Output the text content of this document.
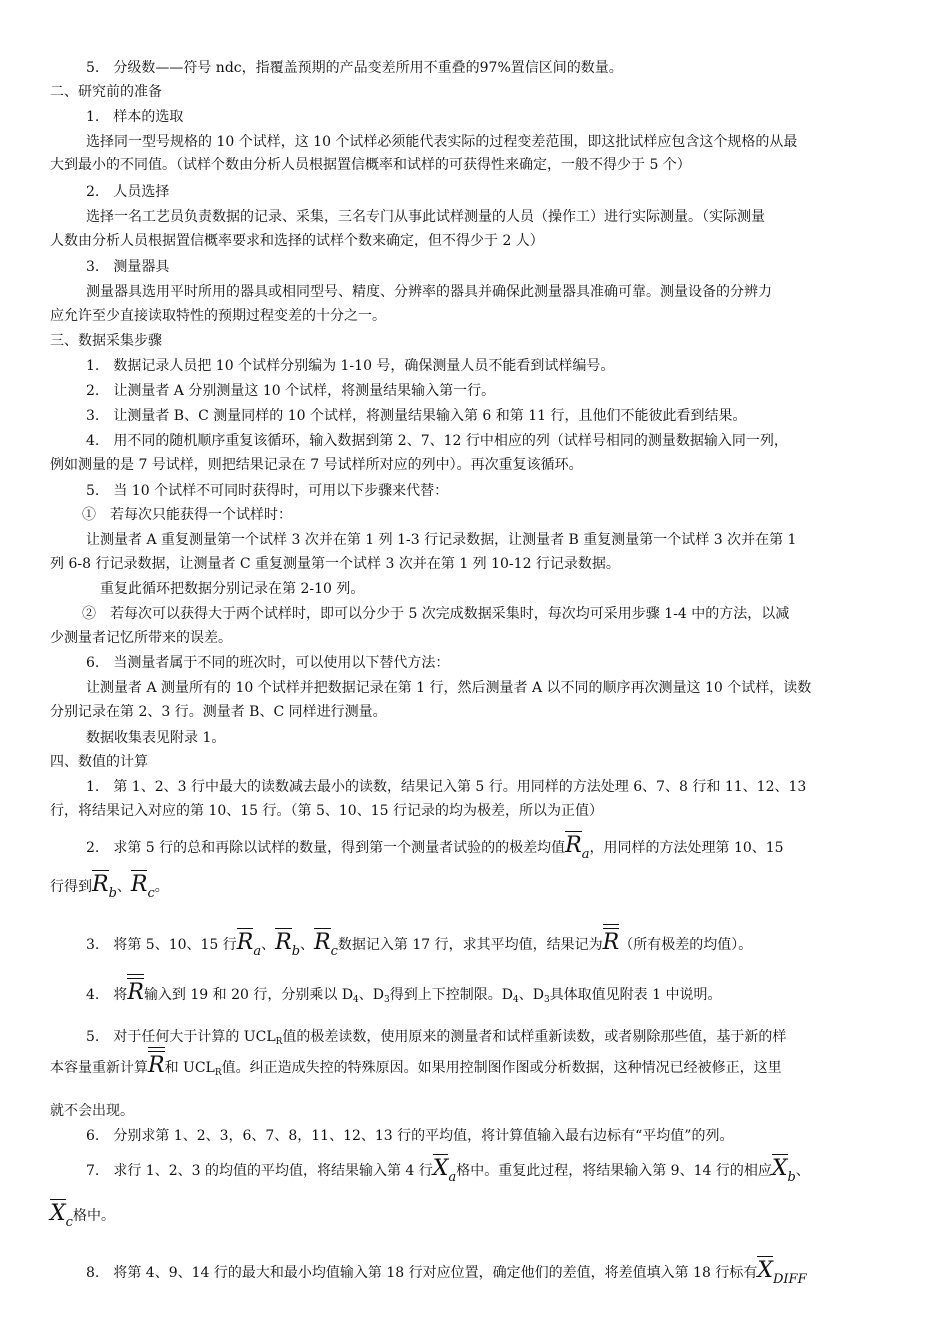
5.　分级数——符号 ndc，指覆盖预期的产品变差所用不重叠的97%置信区间的数量。
二、研究前的准备
1.　样本的选取
选择同一型号规格的 10 个试样，这 10 个试样必须能代表实际的过程变差范围，即这批试样应包含这个规格的从最
大到最小的不同值。（试样个数由分析人员根据置信概率和试样的可获得性来确定，一般不得少于 5 个）
2.　人员选择
选择一名工艺员负责数据的记录、采集，三名专门从事此试样测量的人员（操作工）进行实际测量。（实际测量
人数由分析人员根据置信概率要求和选择的试样个数来确定，但不得少于 2 人）
3.　测量器具
测量器具选用平时所用的器具或相同型号、精度、分辨率的器具并确保此测量器具准确可靠。测量设备的分辨力
应允许至少直接读取特性的预期过程变差的十分之一。
三、数据采集步骤
1.　数据记录人员把 10 个试样分别编为 1-10 号，确保测量人员不能看到试样编号。
2.　让测量者 A 分别测量这 10 个试样，将测量结果输入第一行。
3.　让测量者 B、C 测量同样的 10 个试样，将测量结果输入第 6 和第 11 行，且他们不能彼此看到结果。
4.　用不同的随机顺序重复该循环，输入数据到第 2、7、12 行中相应的列（试样号相同的测量数据输入同一列，
例如测量的是 7 号试样，则把结果记录在 7 号试样所对应的列中）。再次重复该循环。
5.　当 10 个试样不可同时获得时，可用以下步骤来代替：
①　若每次只能获得一个试样时：
让测量者 A 重复测量第一个试样 3 次并在第 1 列 1-3 行记录数据，让测量者 B 重复测量第一个试样 3 次并在第 1
列 6-8 行记录数据，让测量者 C 重复测量第一个试样 3 次并在第 1 列 10-12 行记录数据。
重复此循环把数据分别记录在第 2-10 列。
②　若每次可以获得大于两个试样时，即可以分少于 5 次完成数据采集时，每次均可采用步骤 1-4 中的方法，以减
少测量者记忆所带来的误差。
6.　当测量者属于不同的班次时，可以使用以下替代方法：
让测量者 A 测量所有的 10 个试样并把数据记录在第 1 行，然后测量者 A 以不同的顺序再次测量这 10 个试样，读数
分别记录在第 2、3 行。测量者 B、C 同样进行测量。
数据收集表见附录 1。
四、数值的计算
1.　第 1、2、3 行中最大的读数减去最小的读数，结果记入第 5 行。用同样的方法处理 6、7、8 行和 11、12、13
行，将结果记入对应的第 10、15 行。（第 5、10、15 行记录的均为极差，所以为正值）
2.　求第 5 行的总和再除以试样的数量，得到第一个测量者试验的的极差均值$R_a$，用同样的方法处理第 10、15
行得到$R_b$、$R_c$。
3.　将第 5、10、15 行$R_a$、$R_b$、$R_c$数据记入第 17 行，求其平均值，结果记为R（所有极差的均值）。
4.　将R输入到 19 和 20 行，分别乘以 $D_4$、$D_3$得到上下控制限。$D_4$、$D_3$具体取值见附表 1 中说明。
5.　对于任何大于计算的 $UCL_R$值的极差读数，使用原来的测量者和试样重新读数，或者剔除那些值，基于新的样
本容量重新计算R和 $UCL_R$值。纠正造成失控的特殊原因。如果用控制图作图或分析数据，这种情况已经被修正，这里
就不会出现。
6.　分别求第 1、2、3，6、7、8，11、12、13 行的平均值，将计算值输入最右边标有“平均值”的列。
7.　求行 1、2、3 的均值的平均值，将结果输入第 4 行$X_a$格中。重复此过程，将结果输入第 9、14 行的相应$X_b$、
$X_c$格中。
8.　将第 4、9、14 行的最大和最小均值输入第 18 行对应位置，确定他们的差值，将差值填入第 18 行标有$X_{DIFF}$
